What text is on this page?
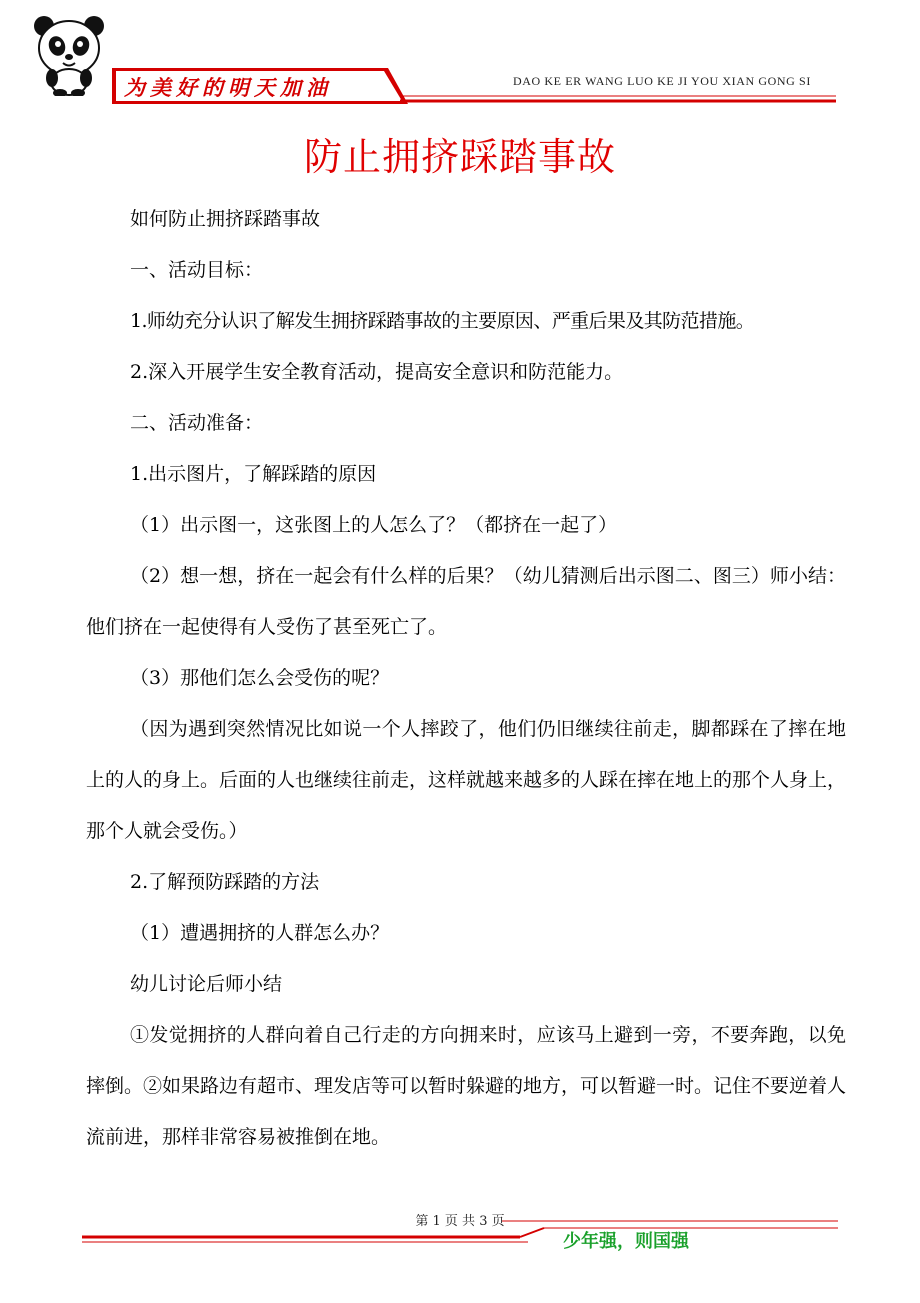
为美好的明天加油	DAO KE ER WANG LUO KE JI YOU XIAN GONG SI
防止拥挤踩踏事故

如何防止拥挤踩踏事故

一、活动目标：

1.师幼充分认识了解发生拥挤踩踏事故的主要原因、严重后果及其防范措施。

2.深入开展学生安全教育活动，提高安全意识和防范能力。

二、活动准备：

1.出示图片，了解踩踏的原因

（1）出示图一，这张图上的人怎么了？（都挤在一起了）

（2）想一想，挤在一起会有什么样的后果？（幼儿猜测后出示图二、图三）师小结：他们挤在一起使得有人受伤了甚至死亡了。

（3）那他们怎么会受伤的呢？

（因为遇到突然情况比如说一个人摔跤了，他们仍旧继续往前走，脚都踩在了摔在地上的人的身上。后面的人也继续往前走，这样就越来越多的人踩在摔在地上的那个人身上，那个人就会受伤。）

2.了解预防踩踏的方法

（1）遭遇拥挤的人群怎么办？

幼儿讨论后师小结

①发觉拥挤的人群向着自己行走的方向拥来时，应该马上避到一旁，不要奔跑，以免摔倒。②如果路边有超市、理发店等可以暂时躲避的地方，可以暂避一时。记住不要逆着人流前进，那样非常容易被推倒在地。

第 1 页 共 3 页
少年强，则国强
